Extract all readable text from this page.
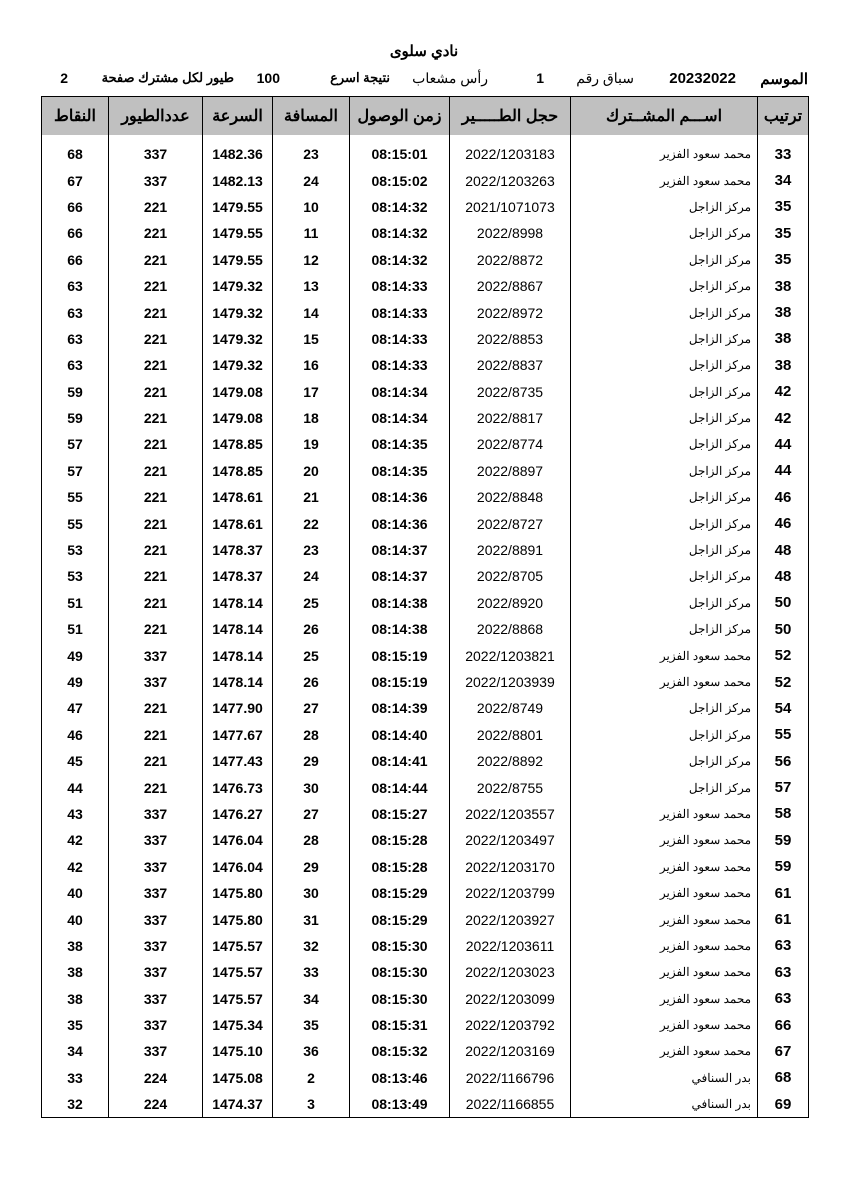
نادي سلوى
الموسم
20232022
سباق رقم
1
رأس مشعاب
نتيجة اسرع
100
طيور لكل مشترك صفحة
2
ترتيب	اســـم المشــترك	حجل الطـــــير	زمن الوصول	المسافة	السرعة	عددالطيور	النقاط
33	محمد سعود الفزير	2022/1203183	08:15:01	23	1482.36	337	68
34	محمد سعود الفزير	2022/1203263	08:15:02	24	1482.13	337	67
35	مركز الزاجل	2021/1071073	08:14:32	10	1479.55	221	66
35	مركز الزاجل	2022/8998	08:14:32	11	1479.55	221	66
35	مركز الزاجل	2022/8872	08:14:32	12	1479.55	221	66
38	مركز الزاجل	2022/8867	08:14:33	13	1479.32	221	63
38	مركز الزاجل	2022/8972	08:14:33	14	1479.32	221	63
38	مركز الزاجل	2022/8853	08:14:33	15	1479.32	221	63
38	مركز الزاجل	2022/8837	08:14:33	16	1479.32	221	63
42	مركز الزاجل	2022/8735	08:14:34	17	1479.08	221	59
42	مركز الزاجل	2022/8817	08:14:34	18	1479.08	221	59
44	مركز الزاجل	2022/8774	08:14:35	19	1478.85	221	57
44	مركز الزاجل	2022/8897	08:14:35	20	1478.85	221	57
46	مركز الزاجل	2022/8848	08:14:36	21	1478.61	221	55
46	مركز الزاجل	2022/8727	08:14:36	22	1478.61	221	55
48	مركز الزاجل	2022/8891	08:14:37	23	1478.37	221	53
48	مركز الزاجل	2022/8705	08:14:37	24	1478.37	221	53
50	مركز الزاجل	2022/8920	08:14:38	25	1478.14	221	51
50	مركز الزاجل	2022/8868	08:14:38	26	1478.14	221	51
52	محمد سعود الفزير	2022/1203821	08:15:19	25	1478.14	337	49
52	محمد سعود الفزير	2022/1203939	08:15:19	26	1478.14	337	49
54	مركز الزاجل	2022/8749	08:14:39	27	1477.90	221	47
55	مركز الزاجل	2022/8801	08:14:40	28	1477.67	221	46
56	مركز الزاجل	2022/8892	08:14:41	29	1477.43	221	45
57	مركز الزاجل	2022/8755	08:14:44	30	1476.73	221	44
58	محمد سعود الفزير	2022/1203557	08:15:27	27	1476.27	337	43
59	محمد سعود الفزير	2022/1203497	08:15:28	28	1476.04	337	42
59	محمد سعود الفزير	2022/1203170	08:15:28	29	1476.04	337	42
61	محمد سعود الفزير	2022/1203799	08:15:29	30	1475.80	337	40
61	محمد سعود الفزير	2022/1203927	08:15:29	31	1475.80	337	40
63	محمد سعود الفزير	2022/1203611	08:15:30	32	1475.57	337	38
63	محمد سعود الفزير	2022/1203023	08:15:30	33	1475.57	337	38
63	محمد سعود الفزير	2022/1203099	08:15:30	34	1475.57	337	38
66	محمد سعود الفزير	2022/1203792	08:15:31	35	1475.34	337	35
67	محمد سعود الفزير	2022/1203169	08:15:32	36	1475.10	337	34
68	بدر السنافي	2022/1166796	08:13:46	2	1475.08	224	33
69	بدر السنافي	2022/1166855	08:13:49	3	1474.37	224	32
